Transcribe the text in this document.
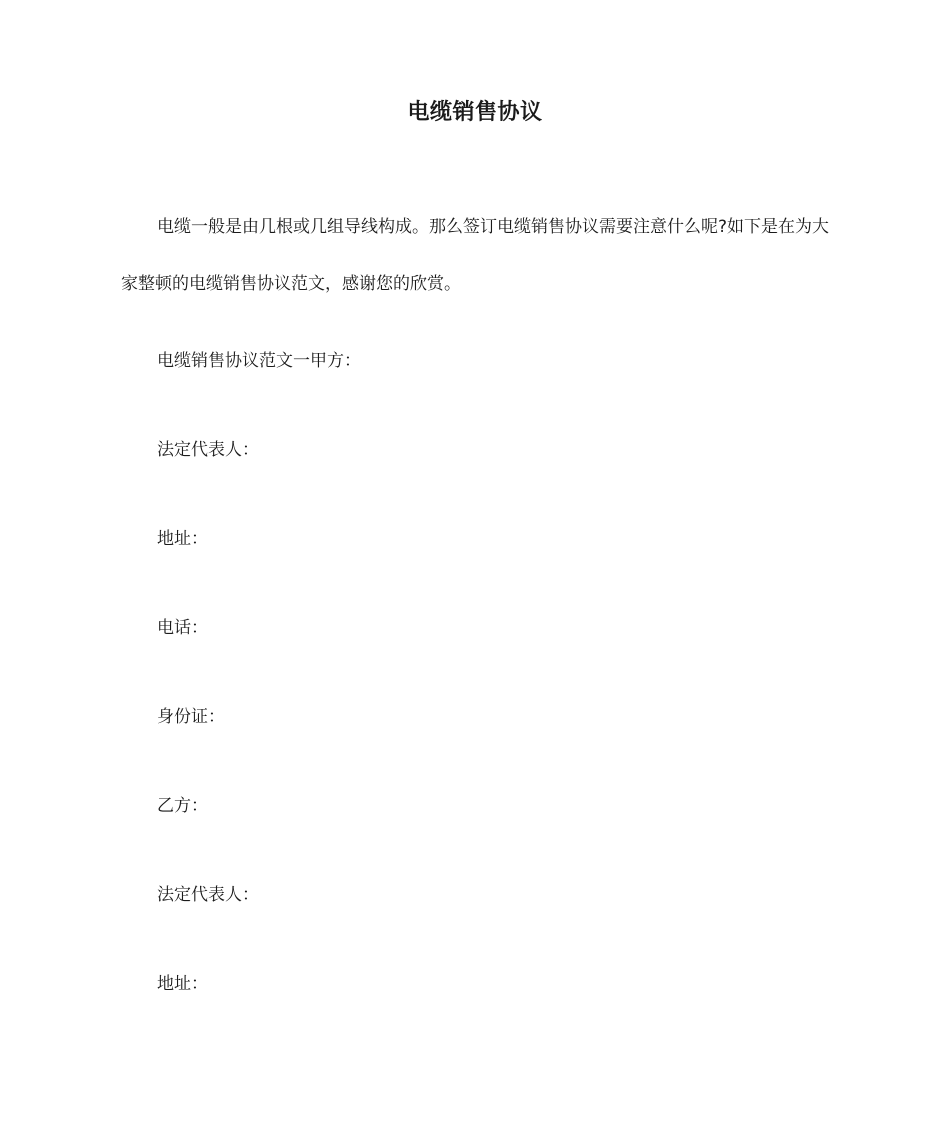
电缆销售协议

电缆一般是由几根或几组导线构成。那么签订电缆销售协议需要注意什么呢?如下是在为大家整顿的电缆销售协议范文，感谢您的欣赏。

电缆销售协议范文一甲方：

法定代表人：

地址：

电话：

身份证：

乙方：

法定代表人：

地址：
